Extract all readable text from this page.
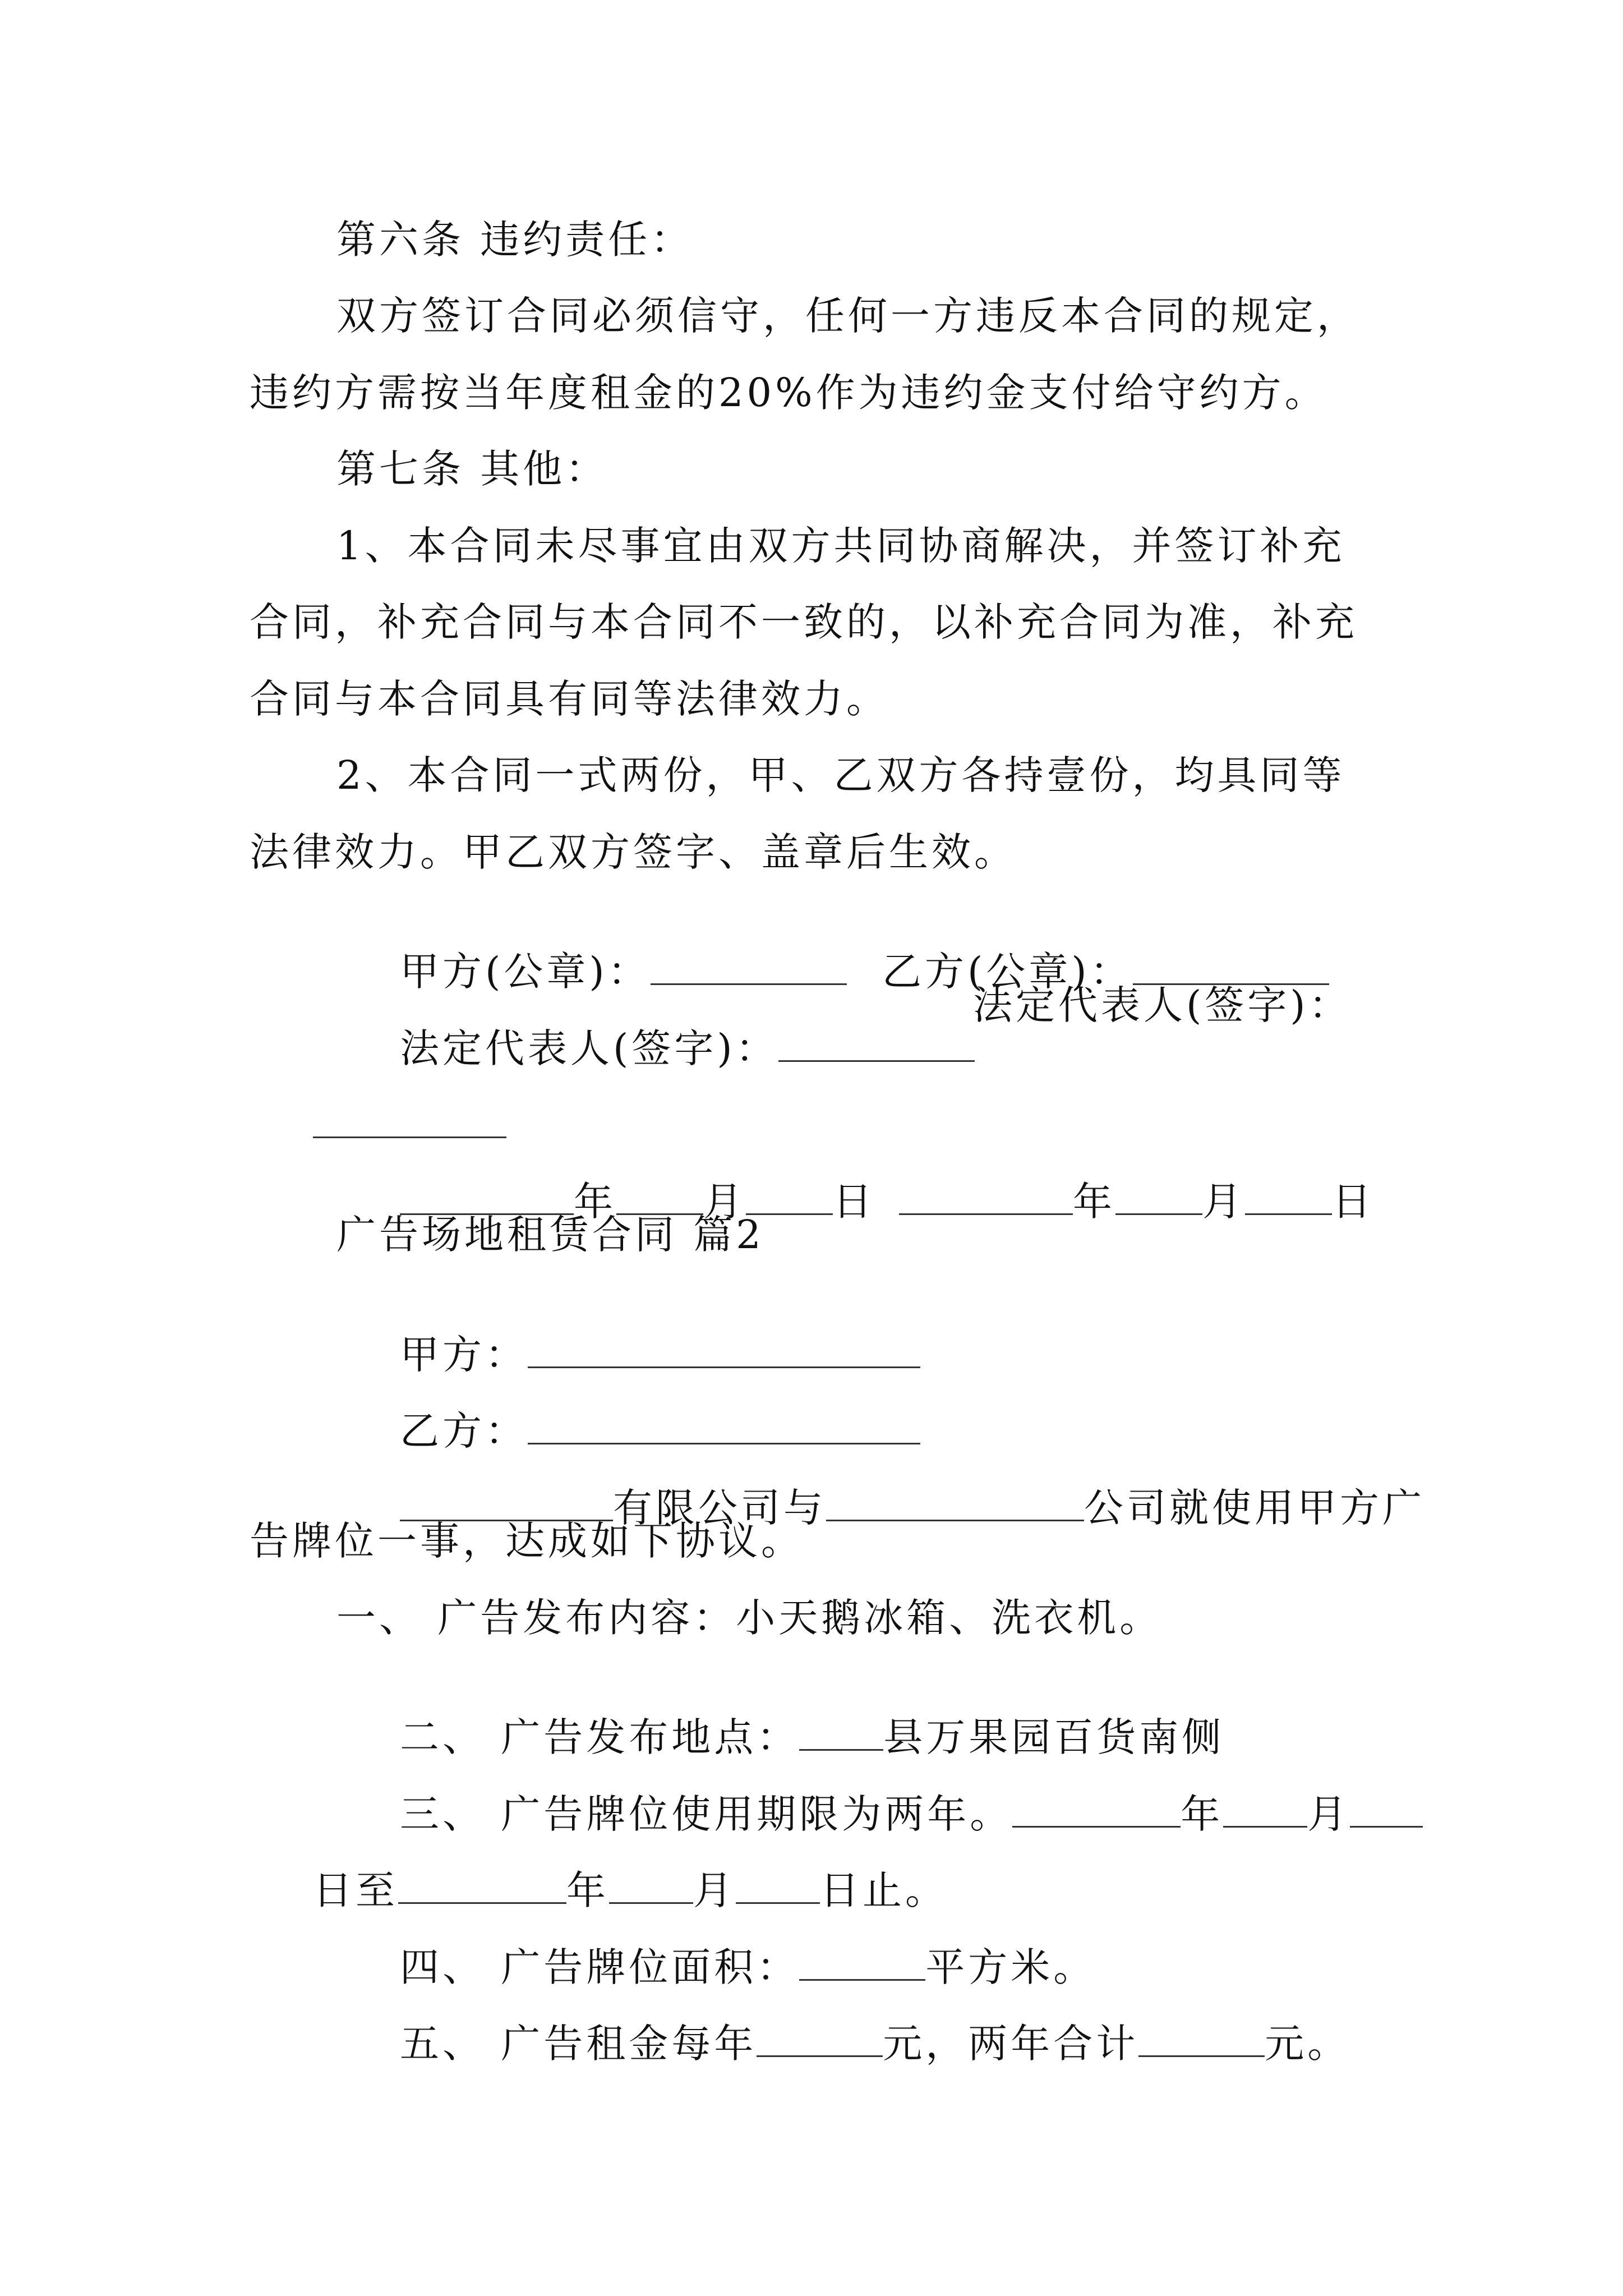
第六条 违约责任：
双方签订合同必须信守，任何一方违反本合同的规定，
违约方需按当年度租金的20%作为违约金支付给守约方。
第七条 其他：
1、本合同未尽事宜由双方共同协商解决，并签订补充
合同，补充合同与本合同不一致的，以补充合同为准，补充
合同与本合同具有同等法律效力。
2、本合同一式两份，甲、乙双方各持壹份，均具同等
法律效力。甲乙双方签字、盖章后生效。

甲方(公章)：
	乙方(公章)：

法定代表人(签字)：

法定代表人(签字)：

年 月 日
	年 月 日

广告场地租赁合同 篇2

甲方：

乙方：

有限公司与	公司就使用甲方广

告牌位一事，达成如下协议。
一、 广告发布内容：小天鹅冰箱、洗衣机。

二、 广告发布地点： 县万果园百货南侧

三、 广告牌位使用期限为两年。	年 月

日至	年 月 日止。

四、 广告牌位面积：	平方米。

五、 广告租金每年	元，两年合计	元。
